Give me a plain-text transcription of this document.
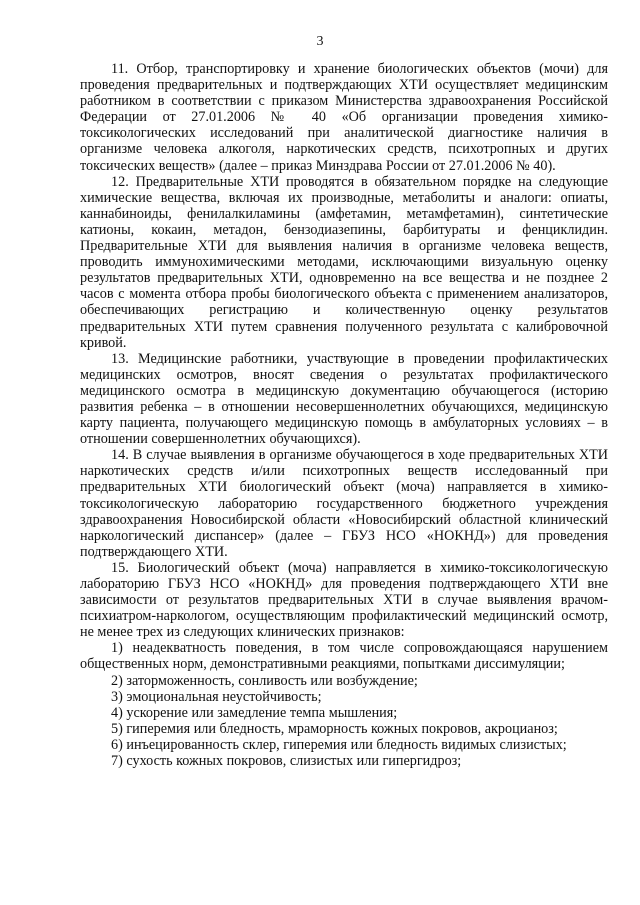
3

11. Отбор, транспортировку и хранение биологических объектов (мочи) для проведения предварительных и подтверждающих ХТИ осуществляет медицинским работником в соответствии с приказом Министерства здравоохранения Российской Федерации от 27.01.2006 № 40 «Об организации проведения химико-токсикологических исследований при аналитической диагностике наличия в организме человека алкоголя, наркотических средств, психотропных и других токсических веществ» (далее – приказ Минздрава России от 27.01.2006 № 40).

12. Предварительные ХТИ проводятся в обязательном порядке на следующие химические вещества, включая их производные, метаболиты и аналоги: опиаты, каннабиноиды, фенилалкиламины (амфетамин, метамфетамин), синтетические катионы, кокаин, метадон, бензодиазепины, барбитураты и фенциклидин. Предварительные ХТИ для выявления наличия в организме человека веществ, проводить иммунохимическими методами, исключающими визуальную оценку результатов предварительных ХТИ, одновременно на все вещества и не позднее 2 часов с момента отбора пробы биологического объекта с применением анализаторов, обеспечивающих регистрацию и количественную оценку результатов предварительных ХТИ путем сравнения полученного результата с калибровочной кривой.

13. Медицинские работники, участвующие в проведении профилактических медицинских осмотров, вносят сведения о результатах профилактического медицинского осмотра в медицинскую документацию обучающегося (историю развития ребенка – в отношении несовершеннолетних обучающихся, медицинскую карту пациента, получающего медицинскую помощь в амбулаторных условиях – в отношении совершеннолетних обучающихся).

14. В случае выявления в организме обучающегося в ходе предварительных ХТИ наркотических средств и/или психотропных веществ исследованный при предварительных ХТИ биологический объект (моча) направляется в химико-токсикологическую лабораторию государственного бюджетного учреждения здравоохранения Новосибирской области «Новосибирский областной клинический наркологический диспансер» (далее – ГБУЗ НСО «НОКНД») для проведения подтверждающего ХТИ.

15. Биологический объект (моча) направляется в химико-токсикологическую лабораторию ГБУЗ НСО «НОКНД» для проведения подтверждающего ХТИ вне зависимости от результатов предварительных ХТИ в случае выявления врачом-психиатром-наркологом, осуществляющим профилактический медицинский осмотр, не менее трех из следующих клинических признаков:

1) неадекватность поведения, в том числе сопровождающаяся нарушением общественных норм, демонстративными реакциями, попытками диссимуляции;

2) заторможенность, сонливость или возбуждение;

3) эмоциональная неустойчивость;

4) ускорение или замедление темпа мышления;

5) гиперемия или бледность, мраморность кожных покровов, акроцианоз;

6) инъецированность склер, гиперемия или бледность видимых слизистых;

7) сухость кожных покровов, слизистых или гипергидроз;
